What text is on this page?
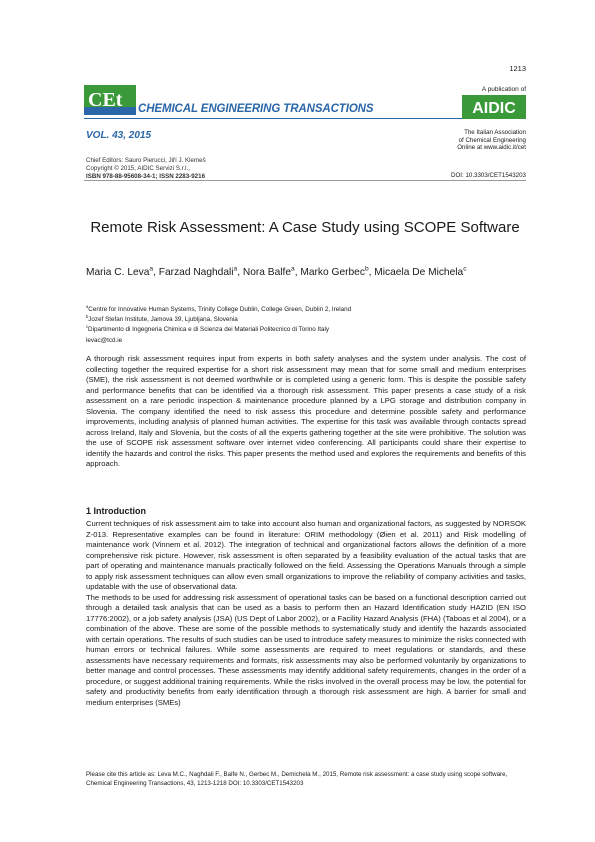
1213
CEt CHEMICAL ENGINEERING TRANSACTIONS
VOL. 43, 2015
Chief Editors: Sauro Pierucci, Jiří J. Klemeš
Copyright © 2015, AIDIC Servizi S.r.l.,
ISBN 978-88-95608-34-1; ISSN 2283-9216
A publication of
AIDIC
The Italian Association
of Chemical Engineering
Online at www.aidic.it/cet
DOI: 10.3303/CET1543203
Remote Risk Assessment: A Case Study using SCOPE Software
Maria C. Leva$^a$, Farzad Naghdali$^a$, Nora Balfe$^a$, Marko Gerbec$^b$, Micaela De Michela$^c$
$^a$Centre for Innovative Human Systems, Trinity College Dublin, College Green, Dublin 2, Ireland
$^b$Jozef Stefan Institute, Jamova 39, Ljubljana, Slovenia
$^c$Dipartimento di Ingegneria Chimica e di Scienza dei Materiali Politecnico di Torino Italy
levac@tcd.ie
A thorough risk assessment requires input from experts in both safety analyses and the system under analysis. The cost of collecting together the required expertise for a short risk assessment may mean that for some small and medium enterprises (SME), the risk assessment is not deemed worthwhile or is completed using a generic form. This is despite the possible safety and performance benefits that can be identified via a thorough risk assessment. This paper presents a case study of a risk assessment on a rare periodic inspection & maintenance procedure planned by a LPG storage and distribution company in Slovenia. The company identified the need to risk assess this procedure and determine possible safety and performance improvements, including analysis of planned human activities. The expertise for this task was available through contacts spread across Ireland, Italy and Slovenia, but the costs of all the experts gathering together at the site were prohibitive. The solution was the use of SCOPE risk assessment software over internet video conferencing. All participants could share their expertise to identify the hazards and control the risks. This paper presents the method used and explores the requirements and benefits of this approach.
1 Introduction

Current techniques of risk assessment aim to take into account also human and organizational factors, as suggested by NORSOK Z-013. Representative examples can be found in literature: ORIM methodology (Øien et al. 2011) and Risk modelling of maintenance work (Vinnem et al. 2012). The integration of technical and organizational factors allows the definition of a more comprehensive risk picture. However, risk assessment is often separated by a feasibility evaluation of the actual tasks that are part of operating and maintenance manuals practically followed on the field. Assessing the Operations Manuals through a simple to apply risk assessment techniques can allow even small organizations to improve the reliability of company activities and tasks, updatable with the use of observational data.

The methods to be used for addressing risk assessment of operational tasks can be based on a functional description carried out through a detailed task analysis that can be used as a basis to perform then an Hazard Identification study HAZID (EN ISO 17776:2002), or a job safety analysis (JSA) (US Dept of Labor 2002), or a Facility Hazard Analysis (FHA) (Taboas et al 2004), or a combination of the above. These are some of the possible methods to systematically study and identify the hazards associated with certain operations. The results of such studies can be used to introduce safety measures to minimize the risks connected with human errors or technical failures. While some assessments are required to meet regulations or standards, and these assessments have necessary requirements and formats, risk assessments may also be performed voluntarily by organizations to better manage and control processes. These assessments may identify additional safety requirements, changes in the order of a procedure, or suggest additional training requirements. While the risks involved in the overall process may be low, the potential for safety and productivity benefits from early identification through a thorough risk assessment are high. A barrier for small and medium enterprises (SMEs)

Please cite this article as: Leva M.C., Naghdali F., Balfe N., Gerbec M., Demichela M., 2015, Remote risk assessment: a case study using scope software, Chemical Engineering Transactions, 43, 1213-1218 DOI: 10.3303/CET1543203
